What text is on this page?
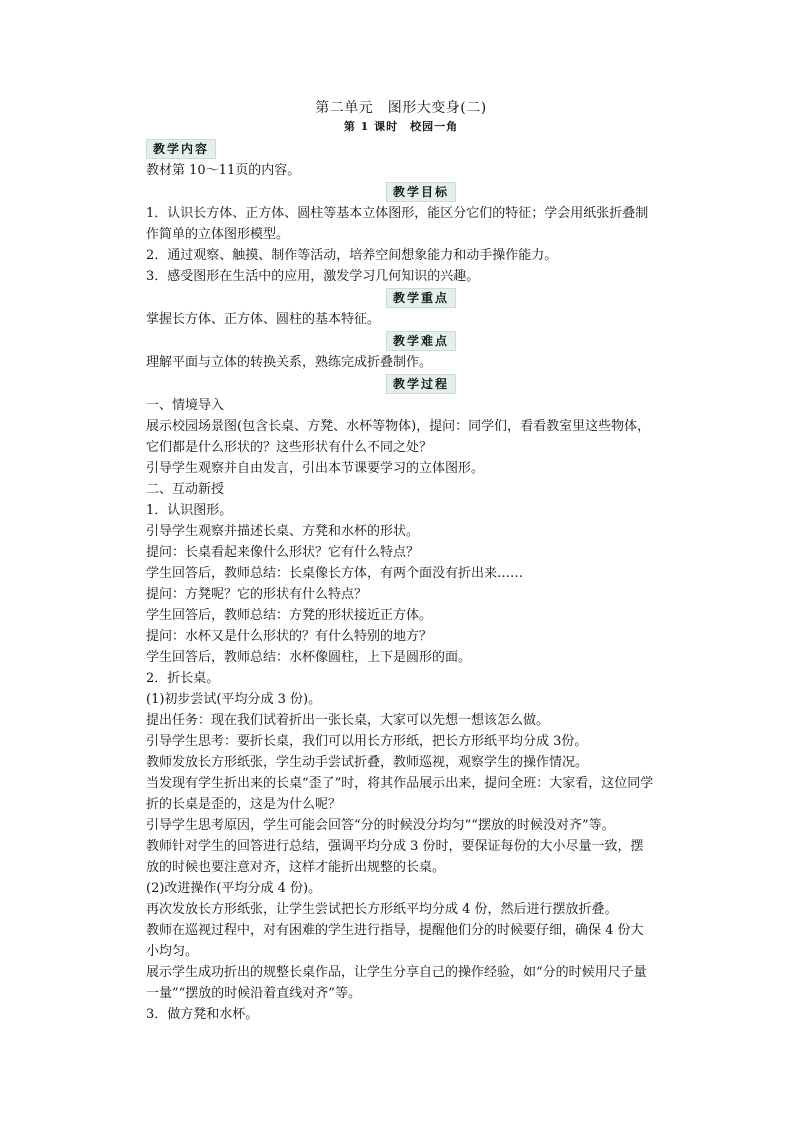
第二单元　图形大变身(二)

第 1 课时　校园一角

教学内容

教材第 10～11页的内容。

教学目标

1．认识长方体、正方体、圆柱等基本立体图形，能区分它们的特征；学会用纸张折叠制作简单的立体图形模型。

2．通过观察、触摸、制作等活动，培养空间想象能力和动手操作能力。

3．感受图形在生活中的应用，激发学习几何知识的兴趣。

教学重点

掌握长方体、正方体、圆柱的基本特征。

教学难点

理解平面与立体的转换关系，熟练完成折叠制作。

教学过程

一、情境导入

展示校园场景图(包含长桌、方凳、水杯等物体)，提问：同学们，看看教室里这些物体，它们都是什么形状的？这些形状有什么不同之处？

引导学生观察并自由发言，引出本节课要学习的立体图形。

二、互动新授

1．认识图形。

引导学生观察并描述长桌、方凳和水杯的形状。

提问：长桌看起来像什么形状？它有什么特点？

学生回答后，教师总结：长桌像长方体，有两个面没有折出来……

提问：方凳呢？它的形状有什么特点？

学生回答后，教师总结：方凳的形状接近正方体。

提问：水杯又是什么形状的？有什么特别的地方？

学生回答后，教师总结：水杯像圆柱，上下是圆形的面。

2．折长桌。

(1)初步尝试(平均分成 3 份)。

提出任务：现在我们试着折出一张长桌，大家可以先想一想该怎么做。

引导学生思考：要折长桌，我们可以用长方形纸，把长方形纸平均分成 3份。

教师发放长方形纸张，学生动手尝试折叠，教师巡视，观察学生的操作情况。

当发现有学生折出来的长桌“歪了”时，将其作品展示出来，提问全班：大家看，这位同学折的长桌是歪的，这是为什么呢？

引导学生思考原因，学生可能会回答“分的时候没分均匀”“摆放的时候没对齐”等。

教师针对学生的回答进行总结，强调平均分成 3 份时，要保证每份的大小尽量一致，摆放的时候也要注意对齐，这样才能折出规整的长桌。

(2)改进操作(平均分成 4 份)。

再次发放长方形纸张，让学生尝试把长方形纸平均分成 4 份，然后进行摆放折叠。

教师在巡视过程中，对有困难的学生进行指导，提醒他们分的时候要仔细，确保 4 份大小均匀。

展示学生成功折出的规整长桌作品，让学生分享自己的操作经验，如“分的时候用尺子量一量”“摆放的时候沿着直线对齐”等。

3．做方凳和水杯。
